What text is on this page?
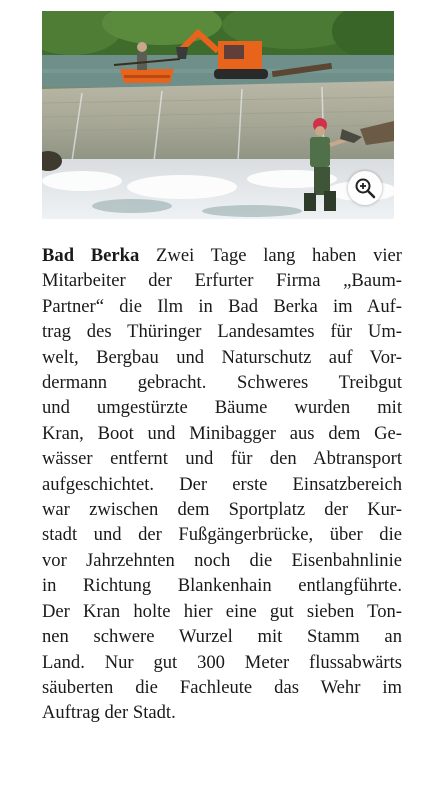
Bad Berka Zwei Tage lang haben vier
Mitarbeiter der Erfurter Firma „Baum-
Partner“ die Ilm in Bad Berka im Auf-
trag des Thüringer Landesamtes für Um-
welt, Bergbau und Naturschutz auf Vor-
dermann gebracht. Schweres Treibgut
und umgestürzte Bäume wurden mit
Kran, Boot und Minibagger aus dem Ge-
wässer entfernt und für den Abtransport
aufgeschichtet. Der erste Einsatzbereich
war zwischen dem Sportplatz der Kur-
stadt und der Fußgängerbrücke, über die
vor Jahrzehnten noch die Eisenbahnlinie
in Richtung Blankenhain entlangführte.
Der Kran holte hier eine gut sieben Ton-
nen schwere Wurzel mit Stamm an
Land. Nur gut 300 Meter flussabwärts
säuberten die Fachleute das Wehr im
Auftrag der Stadt.
